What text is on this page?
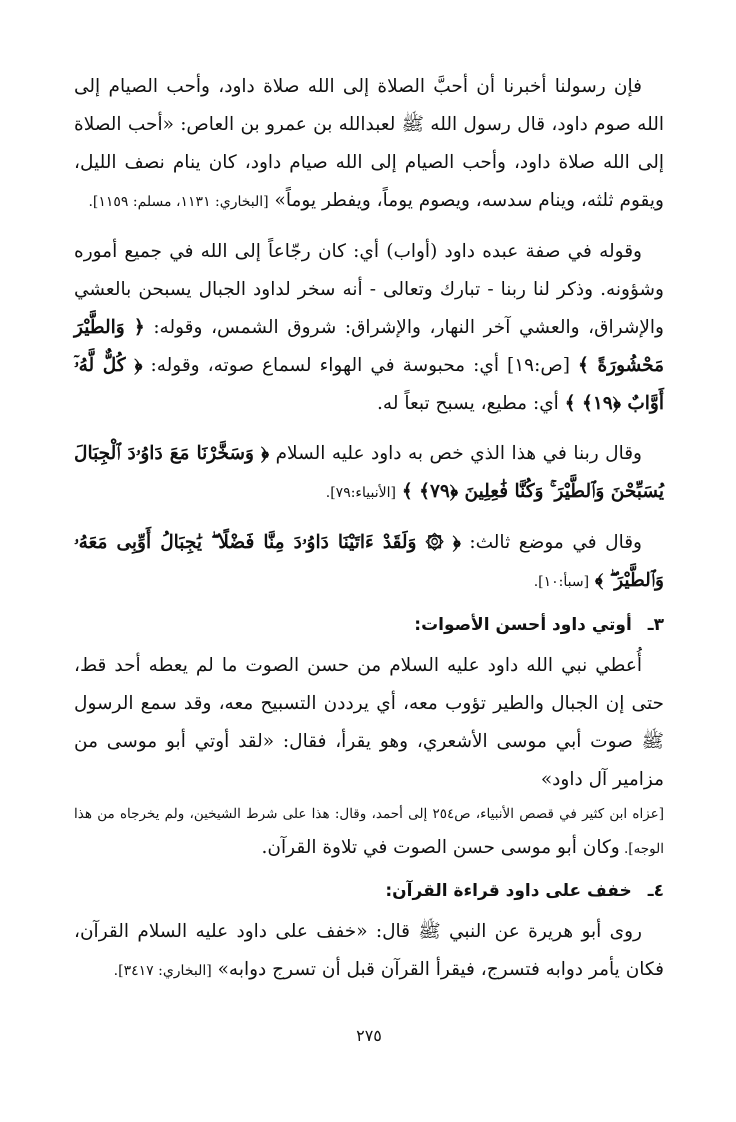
فإن رسولنا أخبرنا أن أحبَّ الصلاة إلى الله صلاة داود، وأحب الصيام إلى الله صوم داود، قال رسول الله ﷺ لعبدالله بن عمرو بن العاص: «أحب الصلاة إلى الله صلاة داود، وأحب الصيام إلى الله صيام داود، كان ينام نصف الليل، ويقوم ثلثه، وينام سدسه، ويصوم يوماً، ويفطر يوماً» [البخاري: ١١٣١، مسلم: ١١٥٩].

وقوله في صفة عبده داود (أواب) أي: كان رجّاعاً إلى الله في جميع أموره وشؤونه. وذكر لنا ربنا - تبارك وتعالى - أنه سخر لداود الجبال يسبحن بالعشي والإشراق، والعشي آخر النهار، والإشراق: شروق الشمس، وقوله: ﴿ وَالطَّيْرَ مَحْشُورَةً ﴾ [ص:١٩] أي: محبوسة في الهواء لسماع صوته، وقوله: ﴿ كُلٌّ لَّهُۥٓ أَوَّابٌ ﴿١٩﴾ ﴾ أي: مطيع، يسبح تبعاً له.

وقال ربنا في هذا الذي خص به داود عليه السلام ﴿ وَسَخَّرْنَا مَعَ دَاوُۥدَ ٱلْجِبَالَ يُسَبِّحْنَ وَٱلطَّيْرَ ۚ وَكُنَّا فَٰعِلِينَ ﴿٧٩﴾ ﴾ [الأنبياء:٧٩].

وقال في موضع ثالث: ﴿ ۞ وَلَقَدْ ءَاتَيْنَا دَاوُۥدَ مِنَّا فَضْلًا ۖ يَٰجِبَالُ أَوِّبِى مَعَهُۥ وَٱلطَّيْرَ ۖ ﴾ [سبأ:١٠].

٣ـأوتي داود أحسن الأصوات:

أُعطي نبي الله داود عليه السلام من حسن الصوت ما لم يعطه أحد قط، حتى إن الجبال والطير تؤوب معه، أي يرددن التسبيح معه، وقد سمع الرسول ﷺ صوت أبي موسى الأشعري، وهو يقرأ، فقال: «لقد أوتي أبو موسى من مزامير آل داود»

[عزاه ابن كثير في قصص الأنبياء، ص٢٥٤ إلى أحمد، وقال: هذا على شرط الشيخين، ولم يخرجاه من هذا الوجه]. وكان أبو موسى حسن الصوت في تلاوة القرآن.

٤ـخفف على داود قراءة القرآن:

روى أبو هريرة عن النبي ﷺ قال: «خفف على داود عليه السلام القرآن، فكان يأمر دوابه فتسرج، فيقرأ القرآن قبل أن تسرج دوابه» [البخاري: ٣٤١٧].

٢٧٥
